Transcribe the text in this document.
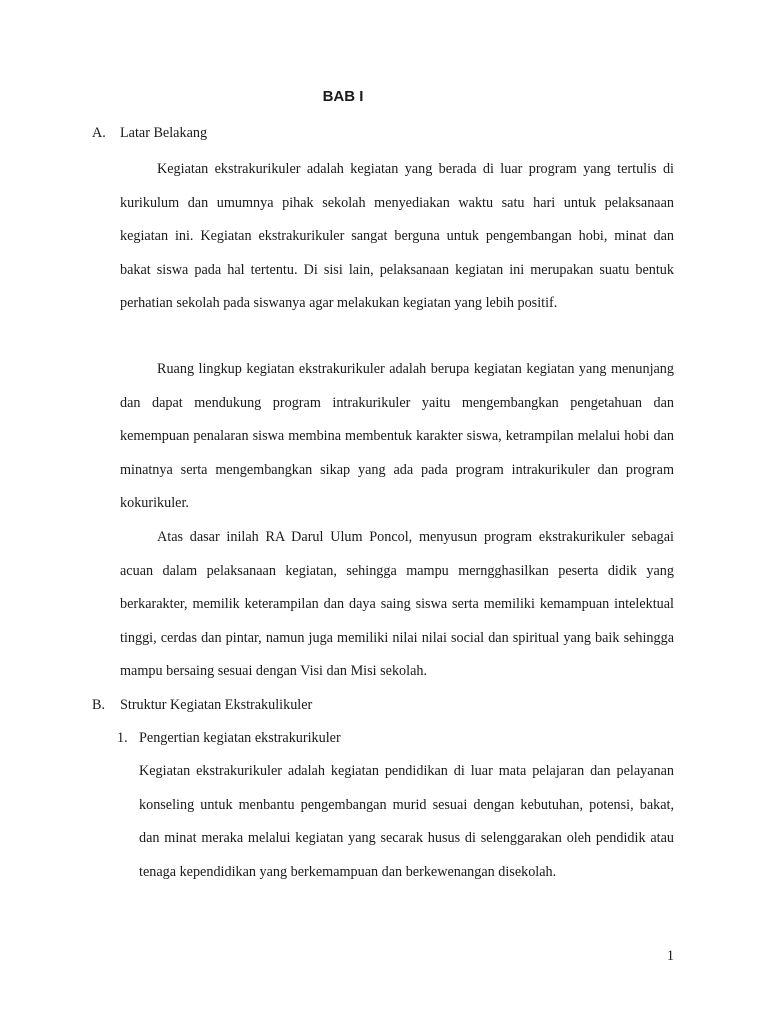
BAB I
A. Latar Belakang

Kegiatan ekstrakurikuler adalah kegiatan yang berada di luar program yang tertulis di kurikulum dan umumnya pihak sekolah menyediakan waktu satu hari untuk pelaksanaan kegiatan ini. Kegiatan ekstrakurikuler sangat berguna untuk pengembangan hobi, minat dan bakat siswa pada hal tertentu. Di sisi lain, pelaksanaan kegiatan ini merupakan suatu bentuk perhatian sekolah pada siswanya agar melakukan kegiatan yang lebih positif.

Ruang lingkup kegiatan ekstrakurikuler adalah berupa kegiatan kegiatan yang menunjang dan dapat mendukung program intrakurikuler yaitu mengembangkan pengetahuan dan kemempuan penalaran siswa membina membentuk karakter siswa, ketrampilan melalui hobi dan minatnya serta mengembangkan sikap yang ada pada program intrakurikuler dan program kokurikuler.

Atas dasar inilah RA Darul Ulum Poncol, menyusun program ekstrakurikuler sebagai acuan dalam pelaksanaan kegiatan, sehingga mampu merngghasilkan peserta didik yang berkarakter, memilik keterampilan dan daya saing siswa serta memiliki kemampuan intelektual tinggi, cerdas dan pintar, namun juga memiliki nilai nilai social dan spiritual yang baik sehingga mampu bersaing sesuai dengan Visi dan Misi sekolah.

B. Struktur Kegiatan Ekstrakulikuler
1. Pengertian kegiatan ekstrakurikuler

Kegiatan ekstrakurikuler adalah kegiatan pendidikan di luar mata pelajaran dan pelayanan konseling untuk menbantu pengembangan murid sesuai dengan kebutuhan, potensi, bakat, dan minat meraka melalui kegiatan yang secarak husus di selenggarakan oleh pendidik atau tenaga kependidikan yang berkemampuan dan berkewenangan disekolah.

1
